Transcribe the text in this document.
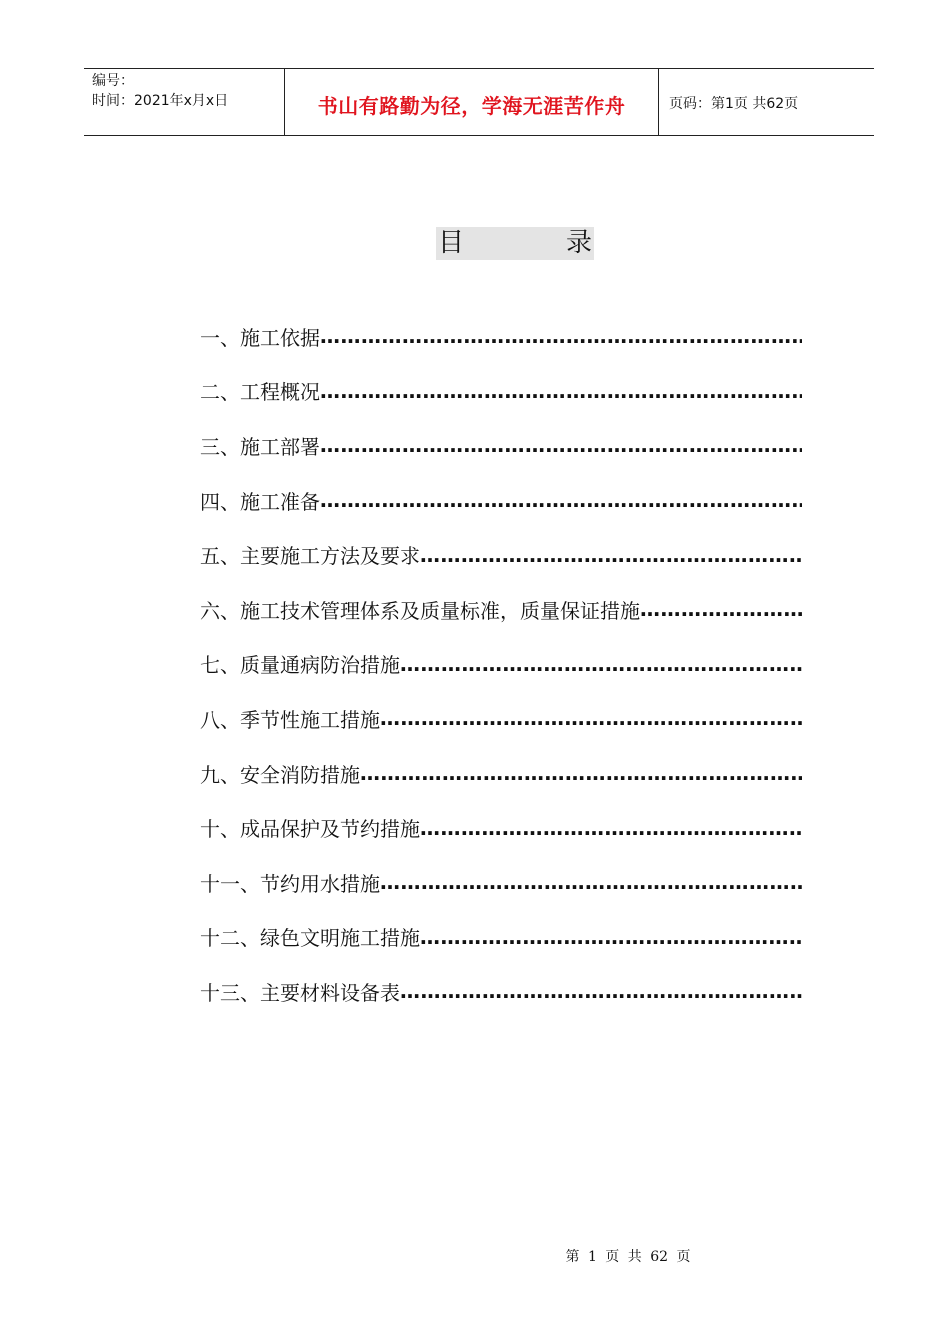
编号：
时间：2021年x月x日	书山有路勤为径，学海无涯苦作舟	页码：第1页 共62页
目	录
一、施工依据
…………………………………………………………………………………………………………………………
二、工程概况
…………………………………………………………………………………………………………………………
三、施工部署
…………………………………………………………………………………………………………………………
四、施工准备
…………………………………………………………………………………………………………………………
五、主要施工方法及要求
…………………………………………………………………………………………………………………………
六、施工技术管理体系及质量标准，质量保证措施
…………………………………………………………………………………………………………………………
七、质量通病防治措施
…………………………………………………………………………………………………………………………
八、季节性施工措施
…………………………………………………………………………………………………………………………
九、安全消防措施
…………………………………………………………………………………………………………………………
十、成品保护及节约措施
…………………………………………………………………………………………………………………………
十一、节约用水措施
…………………………………………………………………………………………………………………………
十二、绿色文明施工措施
…………………………………………………………………………………………………………………………
十三、主要材料设备表
…………………………………………………………………………………………………………………………
第 1 页 共 62 页
